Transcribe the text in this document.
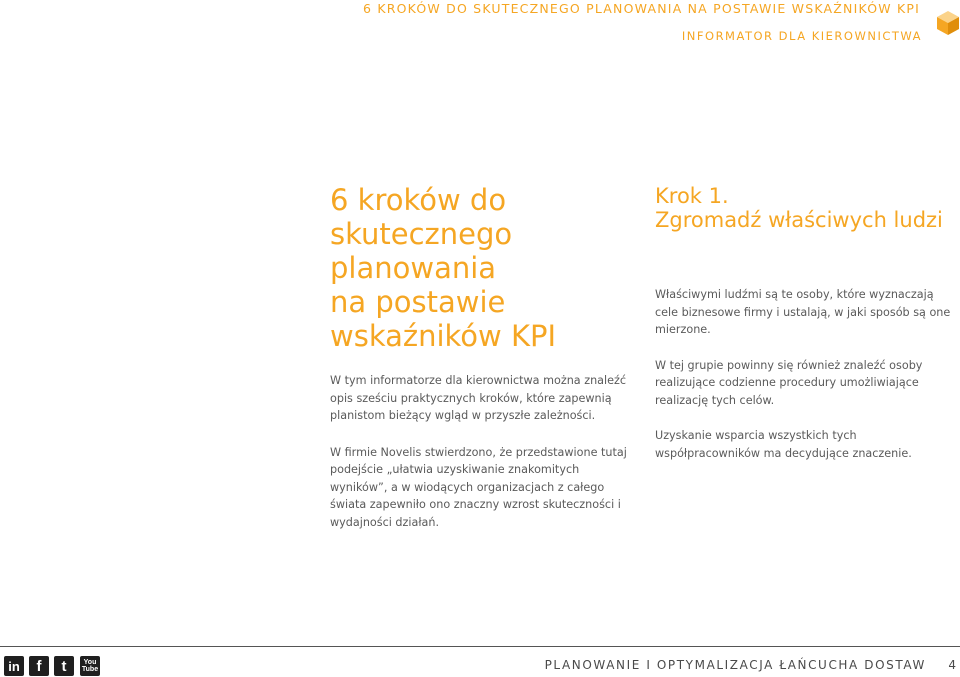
6 KROKÓW DO SKUTECZNEGO PLANOWANIA NA POSTAWIE WSKAŹNIKÓW KPI
INFORMATOR DLA KIEROWNICTWA
6 kroków do
skutecznego
planowania
na postawie
wskaźników KPI

W tym informatorze dla kierownictwa można znaleźć opis sześciu praktycznych kroków, które zapewnią planistom bieżący wgląd w przyszłe zależności.

W firmie Novelis stwierdzono, że przedstawione tutaj podejście „ułatwia uzyskiwanie znakomitych wyników”, a w wiodących organizacjach z całego świata zapewniło ono znaczny wzrost skuteczności i wydajności działań.

Krok 1.
Zgromadź właściwych ludzi

Właściwymi ludźmi są te osoby, które wyznaczają cele biznesowe firmy i ustalają, w jaki sposób są one mierzone.

W tej grupie powinny się również znaleźć osoby realizujące codzienne procedury umożliwiające realizację tych celów.

Uzyskanie wsparcia wszystkich tych współpracowników ma decydujące znaczenie.

in f t	You Tube	PLANOWANIE I OPTYMALIZACJA ŁAŃCUCHA DOSTAW 4
